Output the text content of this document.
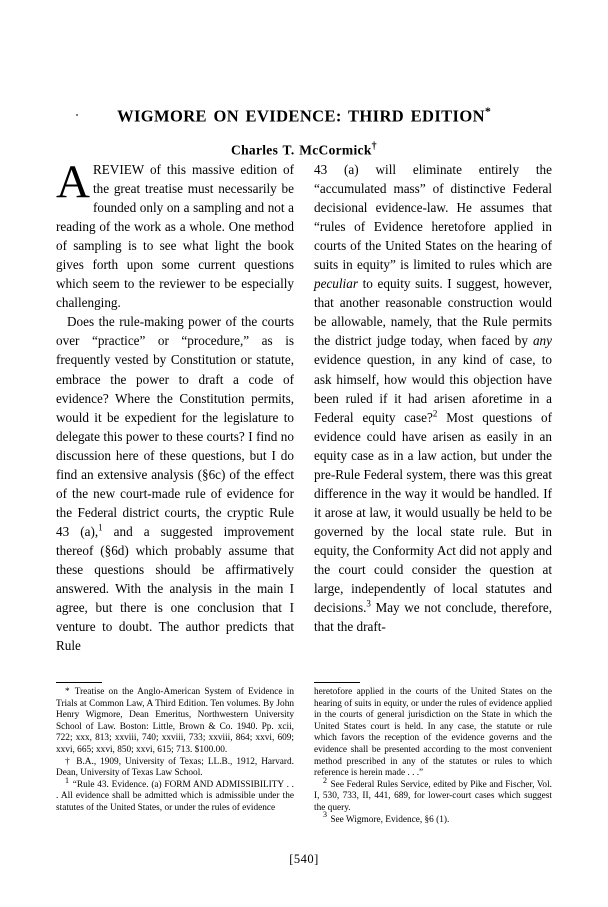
WIGMORE ON EVIDENCE: THIRD EDITION*
Charles T. McCormick†

A REVIEW of this massive edition of the great treatise must necessarily be founded only on a sampling and not a reading of the work as a whole. One method of sampling is to see what light the book gives forth upon some current questions which seem to the reviewer to be especially challenging.

Does the rule-making power of the courts over “practice” or “procedure,” as is frequently vested by Constitution or statute, embrace the power to draft a code of evidence? Where the Constitution permits, would it be expedient for the legislature to delegate this power to these courts? I find no discussion here of these questions, but I do find an extensive analysis (§6c) of the effect of the new court-made rule of evidence for the Federal district courts, the cryptic Rule 43 (a),$^1$ and a suggested improvement thereof (§6d) which probably assume that these questions should be affirmatively answered. With the analysis in the main I agree, but there is one conclusion that I venture to doubt. The author predicts that Rule

43 (a) will eliminate entirely the “accumulated mass” of distinctive Federal decisional evidence-law. He assumes that “rules of Evidence heretofore applied in courts of the United States on the hearing of suits in equity” is limited to rules which are peculiar to equity suits. I suggest, however, that another reasonable construction would be allowable, namely, that the Rule permits the district judge today, when faced by any evidence question, in any kind of case, to ask himself, how would this objection have been ruled if it had arisen aforetime in a Federal equity case?$^2$ Most questions of evidence could have arisen as easily in an equity case as in a law action, but under the pre-Rule Federal system, there was this great difference in the way it would be handled. If it arose at law, it would usually be held to be governed by the local state rule. But in equity, the Conformity Act did not apply and the court could consider the question at large, independently of local statutes and decisions.$^3$ May we not conclude, therefore, that the draft-

* Treatise on the Anglo-American System of Evidence in Trials at Common Law, A Third Edition. Ten volumes. By John Henry Wigmore, Dean Emeritus, Northwestern University School of Law. Boston: Little, Brown & Co. 1940. Pp. xcii, 722; xxx, 813; xxviii, 740; xxviii, 733; xxviii, 864; xxvi, 609; xxvi, 665; xxvi, 850; xxvi, 615; 713. $100.00.

† B.A., 1909, University of Texas; LL.B., 1912, Harvard. Dean, University of Texas Law School.

1 “Rule 43. Evidence. (a) FORM AND ADMISSIBILITY . . . All evidence shall be admitted which is admissible under the statutes of the United States, or under the rules of evidence

heretofore applied in the courts of the United States on the hearing of suits in equity, or under the rules of evidence applied in the courts of general jurisdiction on the State in which the United States court is held. In any case, the statute or rule which favors the reception of the evidence governs and the evidence shall be presented according to the most convenient method prescribed in any of the statutes or rules to which reference is herein made . . .”

2 See Federal Rules Service, edited by Pike and Fischer, Vol. I, 530, 733, II, 441, 689, for lower-court cases which suggest the query.

3 See Wigmore, Evidence, §6 (1).

[540]
